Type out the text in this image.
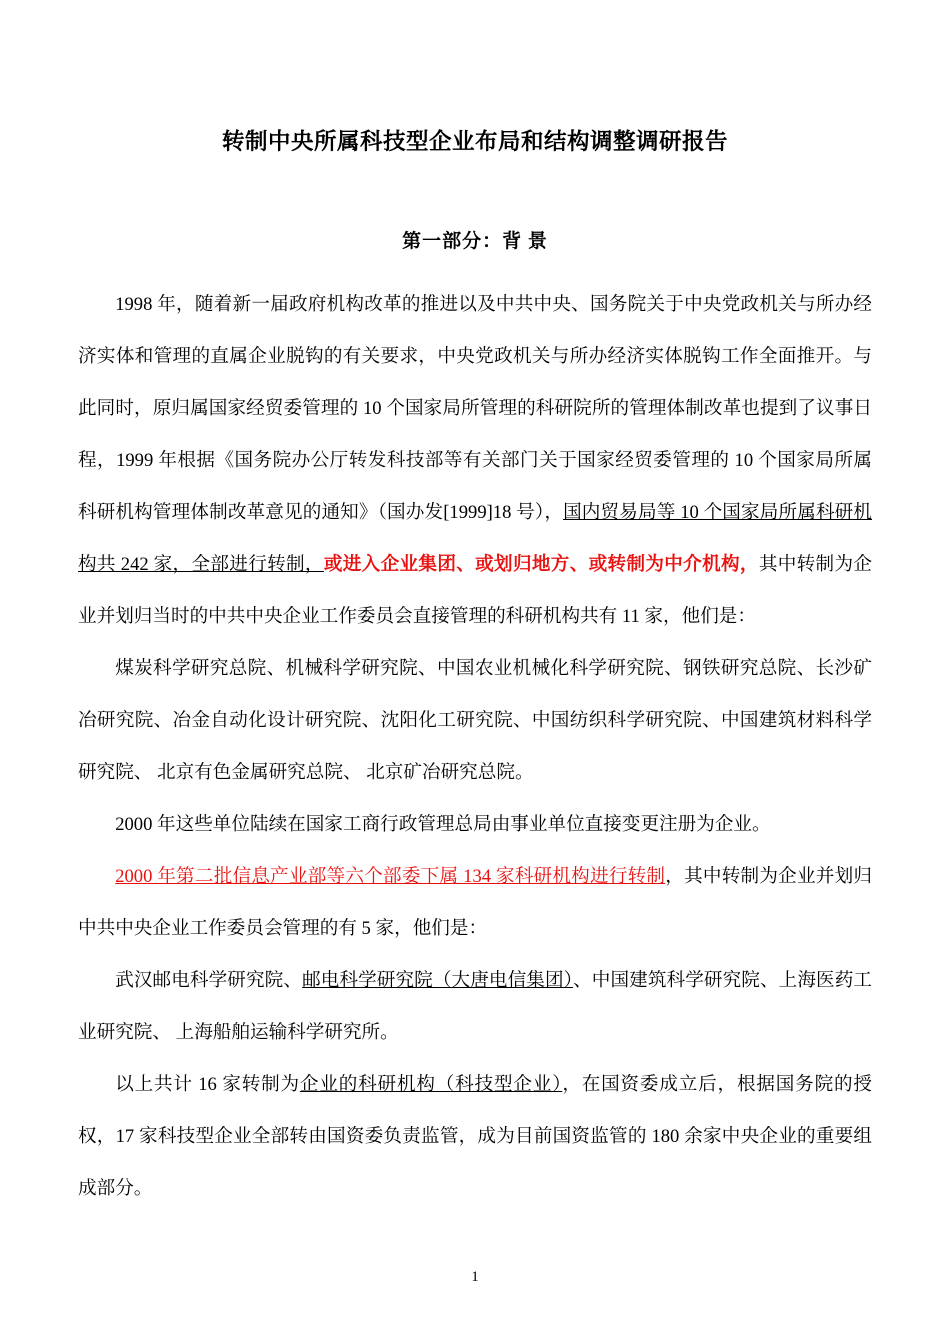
转制中央所属科技型企业布局和结构调整调研报告
第一部分：背 景

1998 年，随着新一届政府机构改革的推进以及中共中央、国务院关于中央党政机关与所办经济实体和管理的直属企业脱钩的有关要求，中央党政机关与所办经济实体脱钩工作全面推开。与此同时，原归属国家经贸委管理的 10 个国家局所管理的科研院所的管理体制改革也提到了议事日程，1999 年根据《国务院办公厅转发科技部等有关部门关于国家经贸委管理的 10 个国家局所属科研机构管理体制改革意见的通知》（国办发[1999]18 号），国内贸易局等 10 个国家局所属科研机构共 242 家，全部进行转制，或进入企业集团、或划归地方、或转制为中介机构，其中转制为企业并划归当时的中共中央企业工作委员会直接管理的科研机构共有 11 家，他们是：

煤炭科学研究总院、机械科学研究院、中国农业机械化科学研究院、钢铁研究总院、长沙矿冶研究院、冶金自动化设计研究院、沈阳化工研究院、中国纺织科学研究院、中国建筑材料科学研究院、 北京有色金属研究总院、 北京矿冶研究总院。

2000 年这些单位陆续在国家工商行政管理总局由事业单位直接变更注册为企业。

2000 年第二批信息产业部等六个部委下属 134 家科研机构进行转制，其中转制为企业并划归中共中央企业工作委员会管理的有 5 家，他们是：

武汉邮电科学研究院、邮电科学研究院（大唐电信集团）、中国建筑科学研究院、上海医药工业研究院、 上海船舶运输科学研究所。

以上共计 16 家转制为企业的科研机构（科技型企业），在国资委成立后，根据国务院的授权，17 家科技型企业全部转由国资委负责监管，成为目前国资监管的 180 余家中央企业的重要组成部分。

1
